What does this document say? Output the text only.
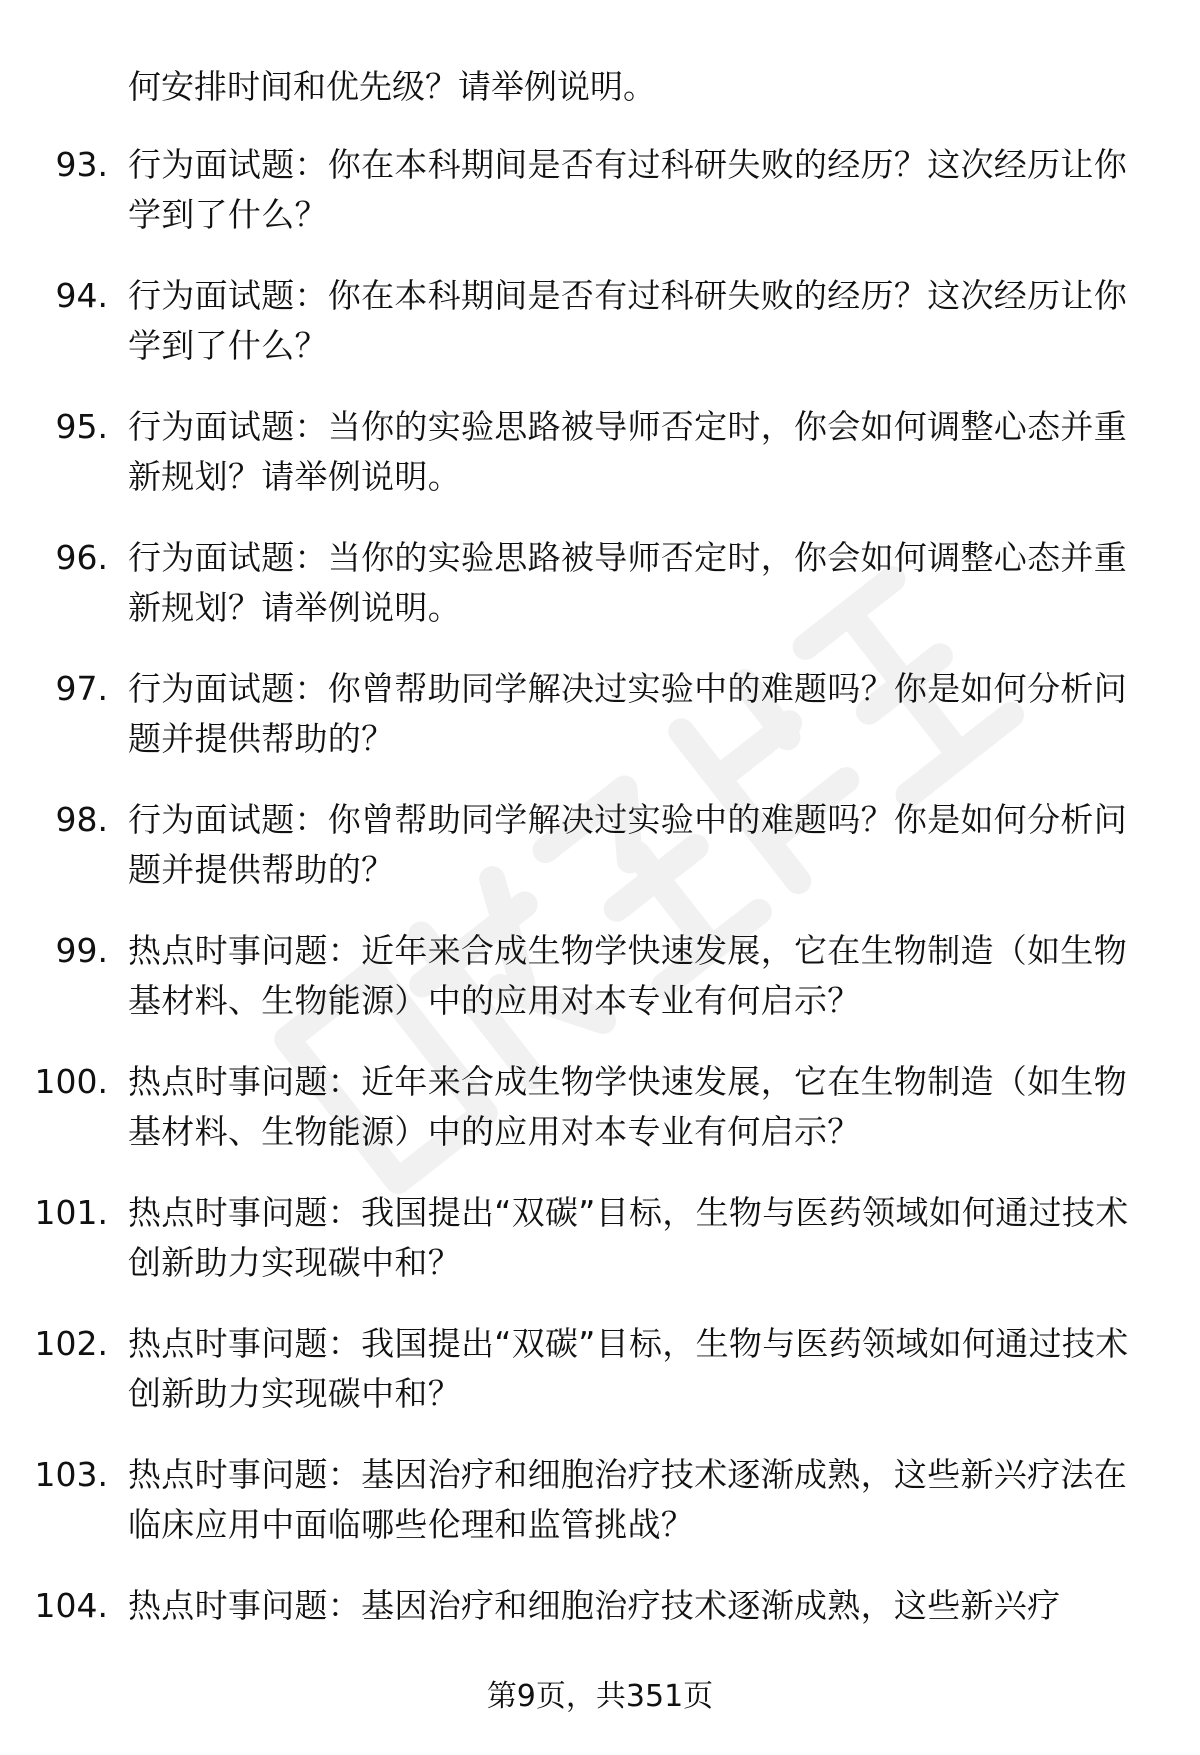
何安排时间和优先级？请举例说明。
93. 行为面试题：你在本科期间是否有过科研失败的经历？这次经历让你学到了什么？
94. 行为面试题：你在本科期间是否有过科研失败的经历？这次经历让你学到了什么？
95. 行为面试题：当你的实验思路被导师否定时，你会如何调整心态并重新规划？请举例说明。
96. 行为面试题：当你的实验思路被导师否定时，你会如何调整心态并重新规划？请举例说明。
97. 行为面试题：你曾帮助同学解决过实验中的难题吗？你是如何分析问题并提供帮助的？
98. 行为面试题：你曾帮助同学解决过实验中的难题吗？你是如何分析问题并提供帮助的？
99. 热点时事问题：近年来合成生物学快速发展，它在生物制造（如生物基材料、生物能源）中的应用对本专业有何启示？
100. 热点时事问题：近年来合成生物学快速发展，它在生物制造（如生物基材料、生物能源）中的应用对本专业有何启示？
101. 热点时事问题：我国提出“双碳”目标，生物与医药领域如何通过技术创新助力实现碳中和？
102. 热点时事问题：我国提出“双碳”目标，生物与医药领域如何通过技术创新助力实现碳中和？
103. 热点时事问题：基因治疗和细胞治疗技术逐渐成熟，这些新兴疗法在临床应用中面临哪些伦理和监管挑战？
104. 热点时事问题：基因治疗和细胞治疗技术逐渐成熟，这些新兴疗
第9页，共351页
